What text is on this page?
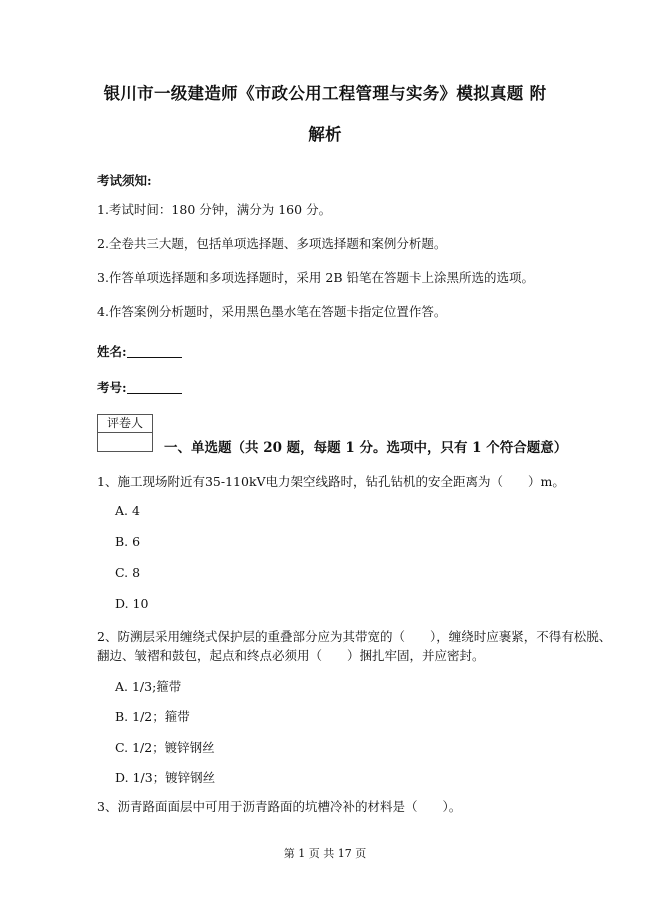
银川市一级建造师《市政公用工程管理与实务》模拟真题 附
解析
考试须知:
1.考试时间：180 分钟，满分为 160 分。
2.全卷共三大题，包括单项选择题、多项选择题和案例分析题。
3.作答单项选择题和多项选择题时，采用 2B 铅笔在答题卡上涂黑所选的选项。
4.作答案例分析题时，采用黑色墨水笔在答题卡指定位置作答。
姓名:
考号:
评卷人
一、单选题（共 20 题，每题 1 分。选项中，只有 1 个符合题意）
1、施工现场附近有35-110kV电力架空线路时，钻孔钻机的安全距离为（　　）m。
A. 4
B. 6
C. 8
D. 10
2、防溯层采用缠绕式保护层的重叠部分应为其带宽的（　　），缠绕时应裹紧，不得有松脱、
翻边、皱褶和鼓包，起点和终点必须用（　　）捆扎牢固，并应密封。
A. 1/3;箍带
B. 1/2；箍带
C. 1/2；镀锌钢丝
D. 1/3；镀锌钢丝
3、沥青路面面层中可用于沥青路面的坑槽冷补的材料是（　　）。
第 1 页 共 17 页
